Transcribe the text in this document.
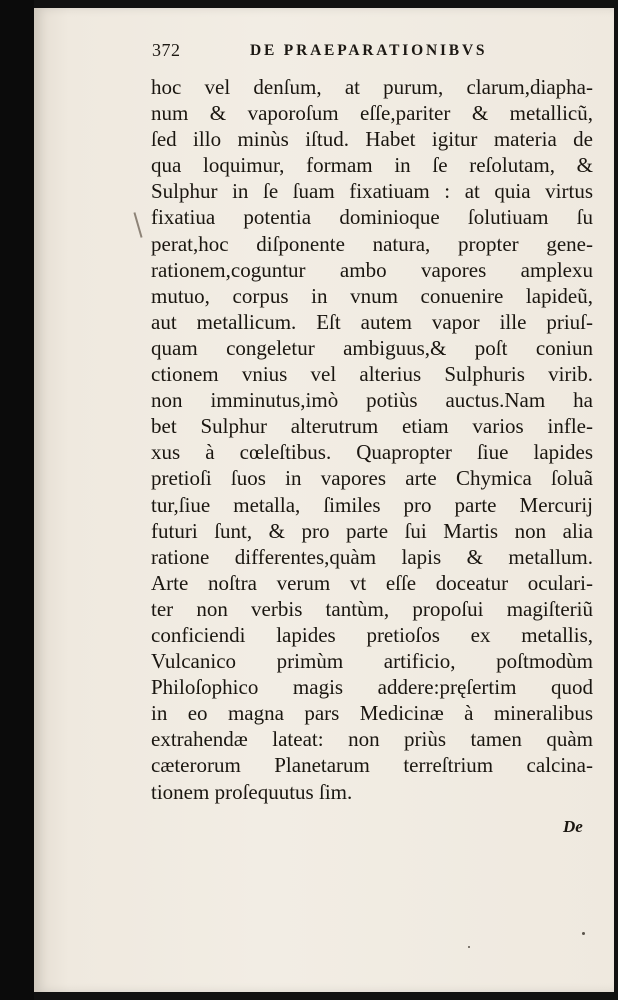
372	DE PRAEPARATIONIBVS
hoc vel denſum, at purum, clarum,diapha-
num & vaporoſum eſſe,pariter & metallicũ,
ſed illo minùs iſtud. Habet igitur materia de
qua loquimur, formam in ſe reſolutam, &
Sulphur in ſe ſuam fixatiuam : at quia virtus
fixatiua potentia dominioque ſolutiuam ſu
perat,hoc diſponente natura, propter gene-
rationem,coguntur ambo vapores amplexu
mutuo, corpus in vnum conuenire lapideũ,
aut metallicum. Eſt autem vapor ille priuſ-
quam congeletur ambiguus,& poſt coniun
ctionem vnius vel alterius Sulphuris virib.
non imminutus,imò potiùs auctus.Nam ha
bet Sulphur alterutrum etiam varios infle-
xus à cœleſtibus. Quapropter ſiue lapides
pretioſi ſuos in vapores arte Chymica ſoluã
tur,ſiue metalla, ſimiles pro parte Mercurij
futuri ſunt, & pro parte ſui Martis non alia
ratione differentes,quàm lapis & metallum.
Arte noſtra verum vt eſſe doceatur oculari-
ter non verbis tantùm, propoſui magiſteriũ
conficiendi lapides pretioſos ex metallis,
Vulcanico primùm artificio, poſtmodùm
Philoſophico magis addere:pręſertim quod
in eo magna pars Medicinæ à mineralibus
extrahendæ lateat: non priùs tamen quàm
cæterorum Planetarum terreſtrium calcina-
tionem proſequutus ſim.
De
